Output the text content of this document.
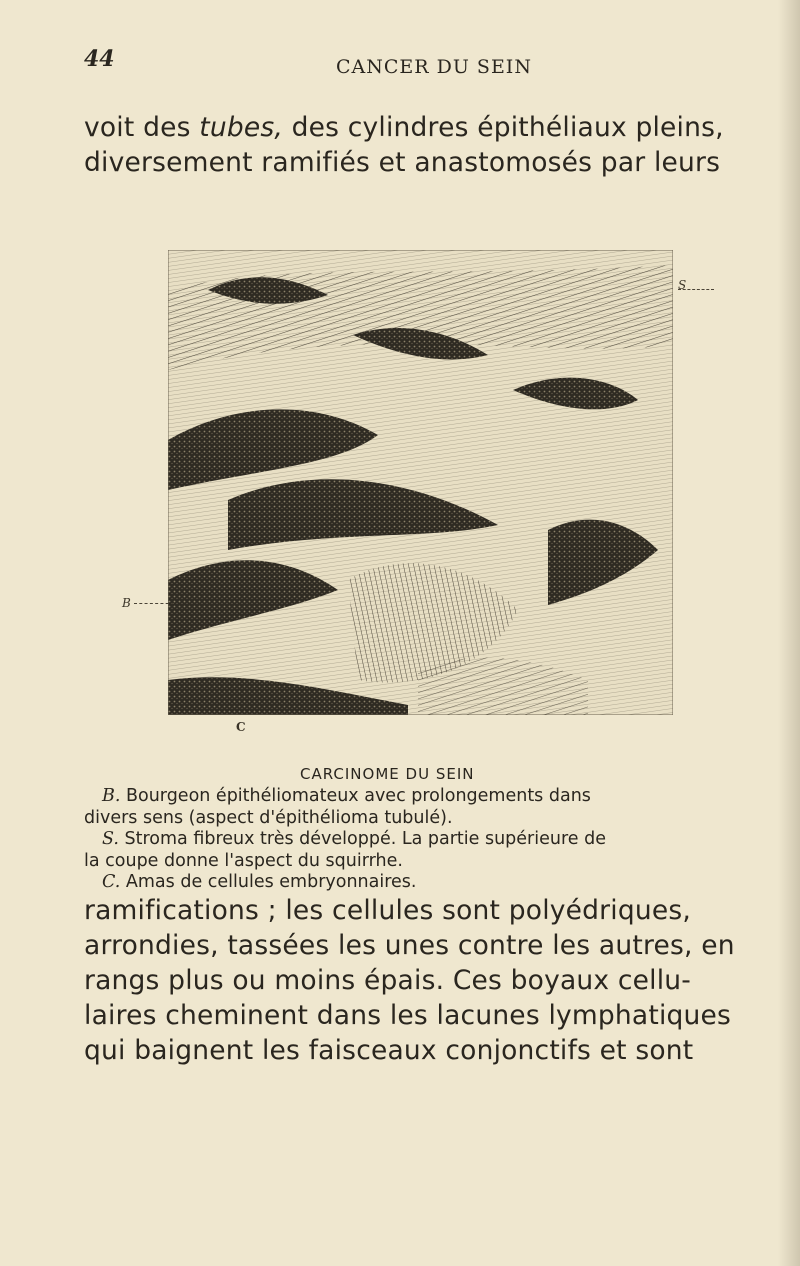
44	CANCER DU SEIN
voit des tubes, des cylindres épithéliaux pleins,
diversement ramifiés et anastomosés par leurs
S
B
C
CARCINOME DU SEIN
B. Bourgeon épithéliomateux avec prolongements dans
divers sens (aspect d'épithélioma tubulé).
S. Stroma fibreux très développé. La partie supérieure de
la coupe donne l'aspect du squirrhe.
C. Amas de cellules embryonnaires.
ramifications ; les cellules sont polyédriques,
arrondies, tassées les unes contre les autres, en
rangs plus ou moins épais. Ces boyaux cellu-
laires cheminent dans les lacunes lymphatiques
qui baignent les faisceaux conjonctifs et sont
